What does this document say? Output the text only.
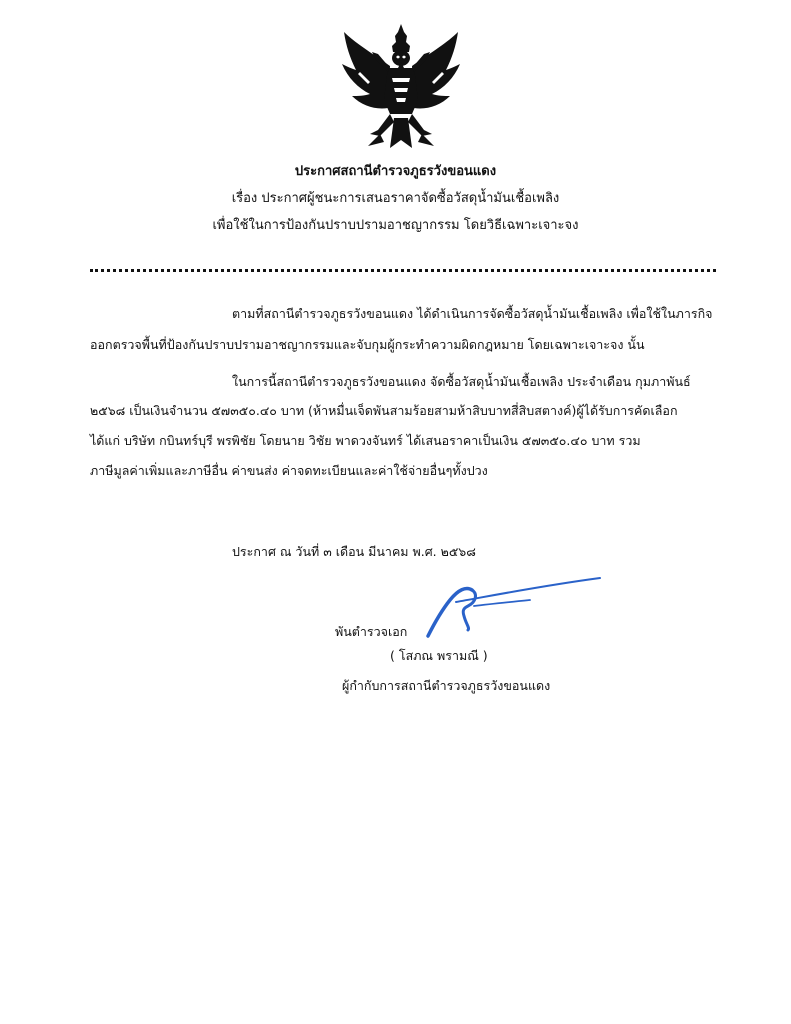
ประกาศสถานีตำรวจภูธรวังขอนแดง
เรื่อง ประกาศผู้ชนะการเสนอราคาจัดซื้อวัสดุน้ำมันเชื้อเพลิง
เพื่อใช้ในการป้องกันปราบปรามอาชญากรรม โดยวิธีเฉพาะเจาะจง
ตามที่สถานีตำรวจภูธรวังขอนแดง ได้ดำเนินการจัดซื้อวัสดุน้ำมันเชื้อเพลิง เพื่อใช้ในภารกิจ
ออกตรวจพื้นที่ป้องกันปราบปรามอาชญากรรมและจับกุมผู้กระทำความผิดกฎหมาย โดยเฉพาะเจาะจง นั้น
ในการนี้สถานีตำรวจภูธรวังขอนแดง จัดซื้อวัสดุน้ำมันเชื้อเพลิง ประจำเดือน กุมภาพันธ์
๒๕๖๘ เป็นเงินจำนวน ๕๗๓๕๐.๔๐ บาท (ห้าหมื่นเจ็ดพันสามร้อยสามห้าสิบบาทสี่สิบสตางค์)ผู้ได้รับการคัดเลือก
ได้แก่ บริษัท กบินทร์บุรี พรพิชัย โดยนาย วิชัย พาดวงจันทร์ ได้เสนอราคาเป็นเงิน ๕๗๓๕๐.๔๐ บาท รวม
ภาษีมูลค่าเพิ่มและภาษีอื่น ค่าขนส่ง ค่าจดทะเบียนและค่าใช้จ่ายอื่นๆทั้งปวง
ประกาศ ณ วันที่ ๓ เดือน มีนาคม พ.ศ. ๒๕๖๘
พันตำรวจเอก
( โสภณ พรามณี )
ผู้กำกับการสถานีตำรวจภูธรวังขอนแดง
